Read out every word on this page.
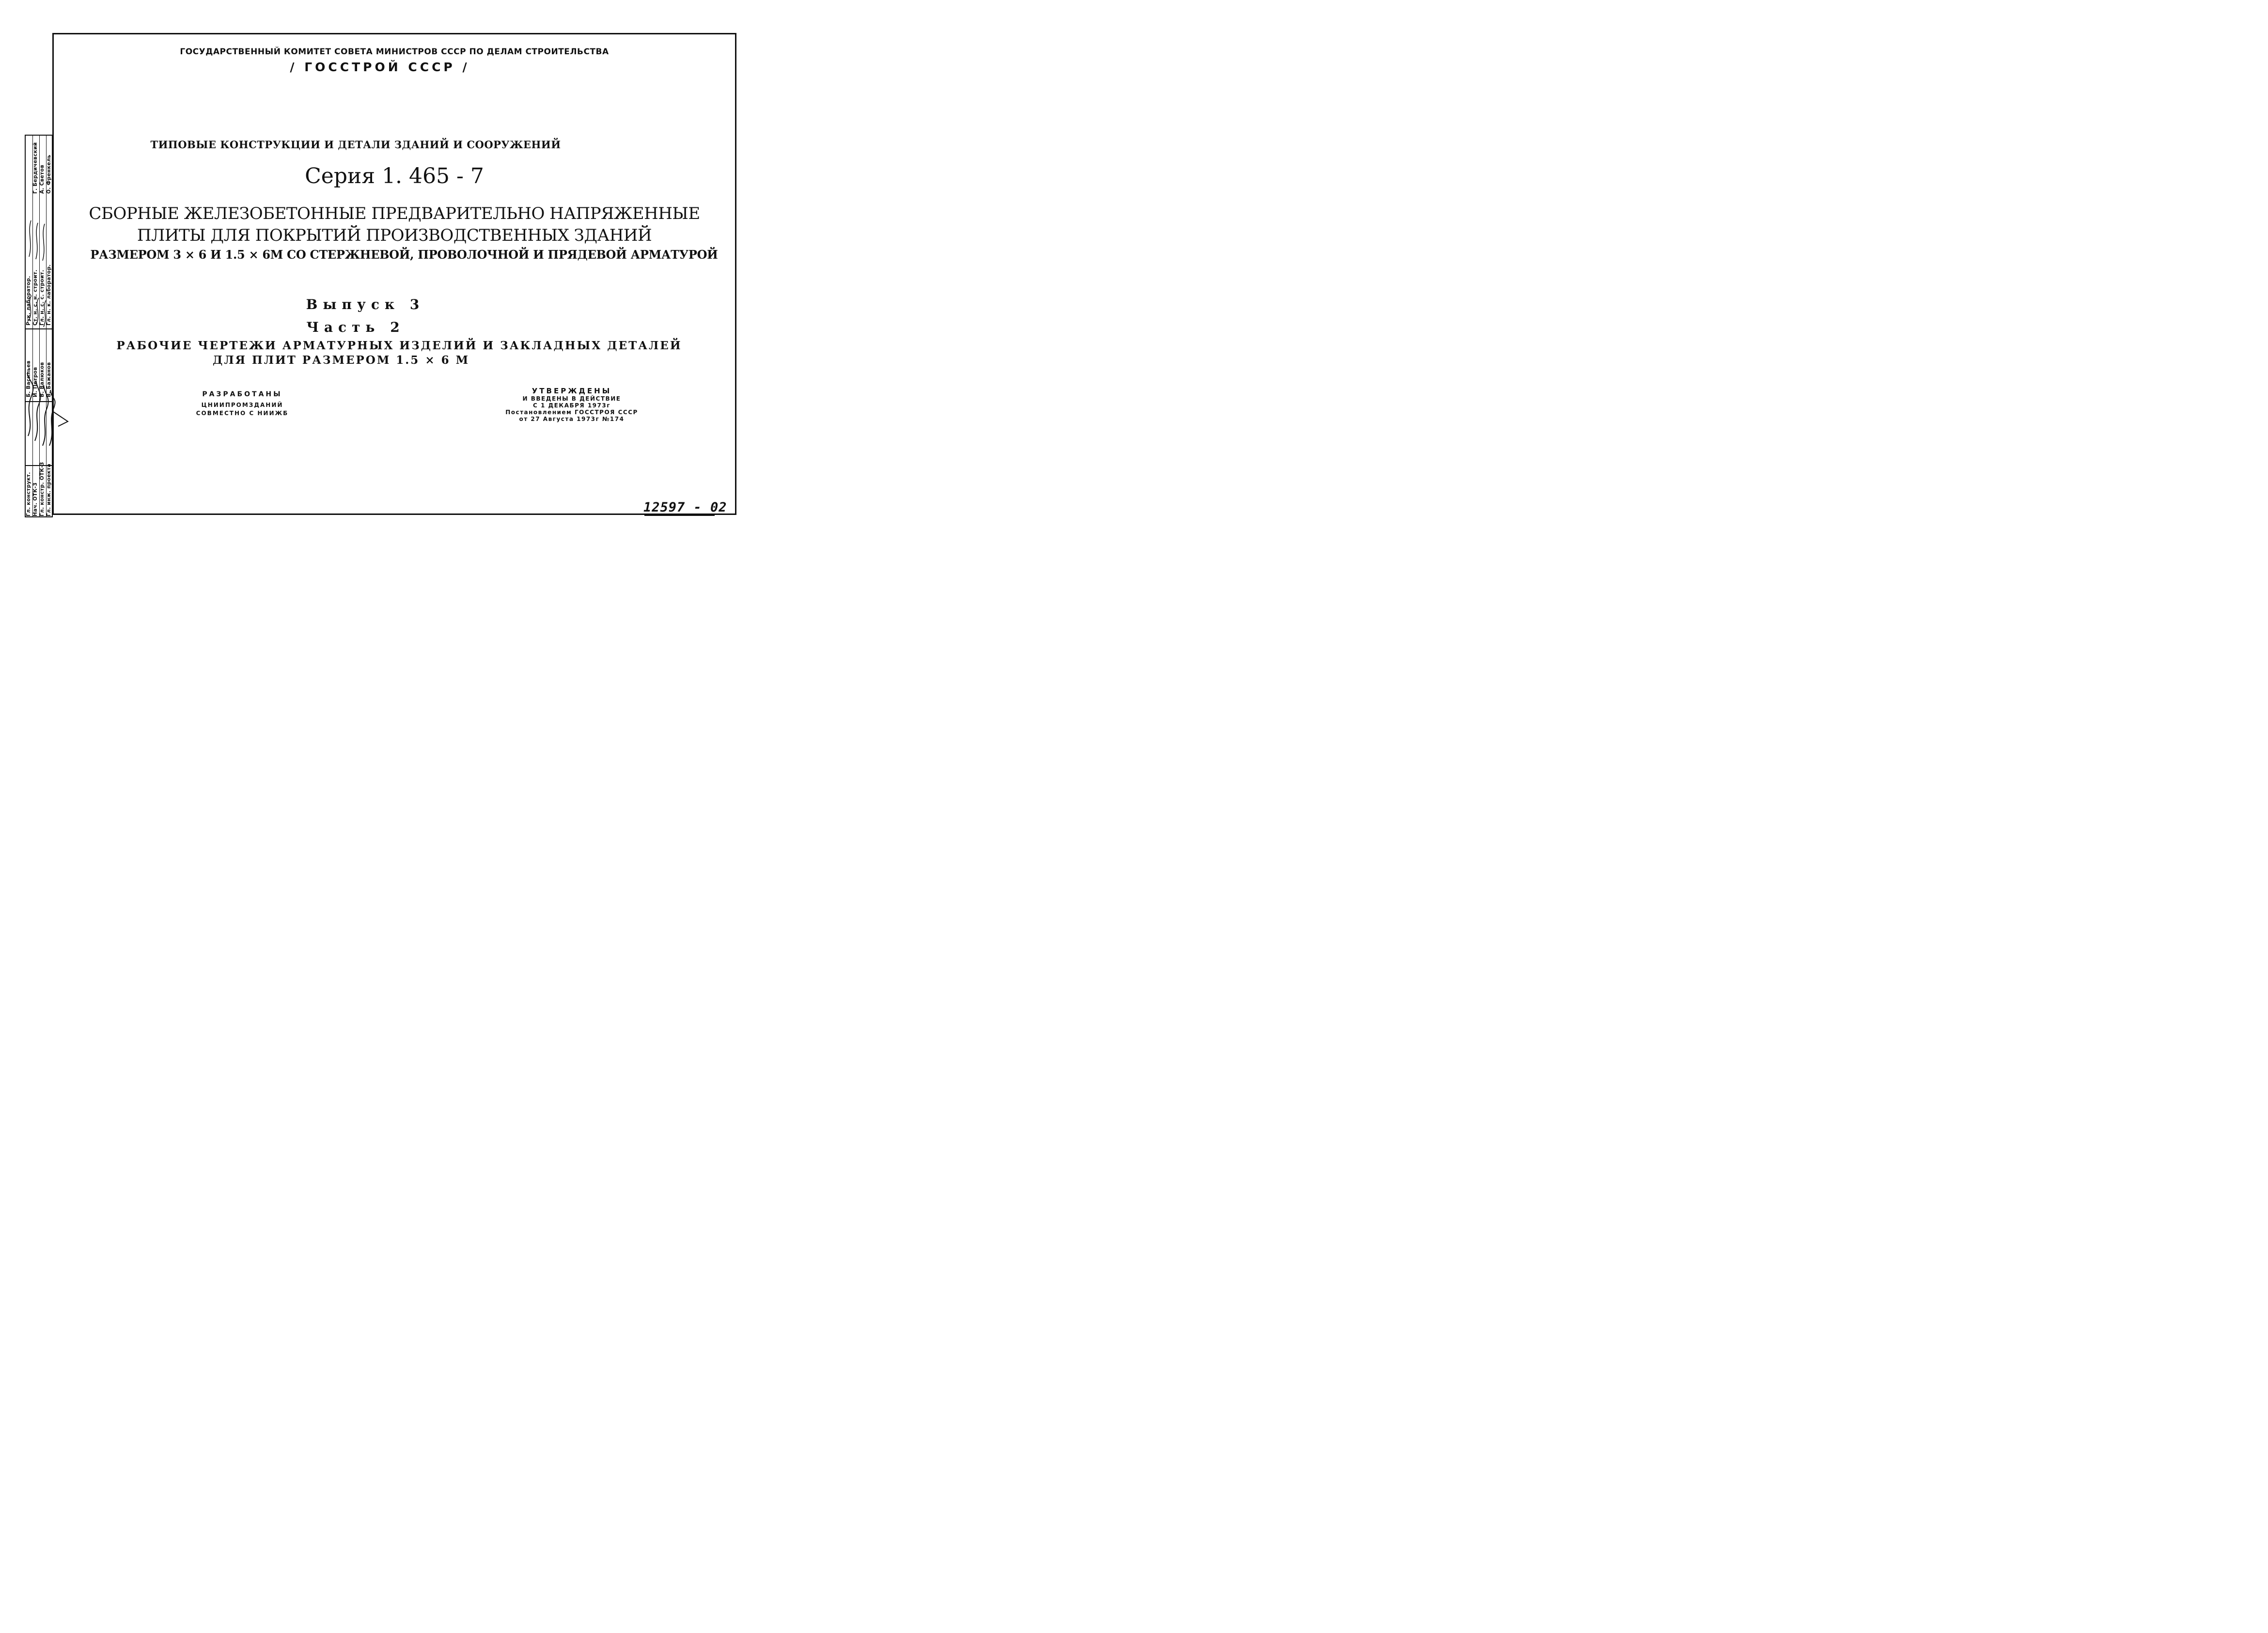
ГОСУДАРСТВЕННЫЙ КОМИТЕТ СОВЕТА МИНИСТРОВ СССР ПО ДЕЛАМ СТРОИТЕЛЬСТВА
/ ГОССТРОЙ СССР /
ТИПОВЫЕ КОНСТРУКЦИИ И ДЕТАЛИ ЗДАНИЙ И СООРУЖЕНИЙ
Серия 1. 465 - 7
СБОРНЫЕ ЖЕЛЕЗОБЕТОННЫЕ ПРЕДВАРИТЕЛЬНО НАПРЯЖЕННЫЕ
ПЛИТЫ ДЛЯ ПОКРЫТИЙ ПРОИЗВОДСТВЕННЫХ ЗДАНИЙ
РАЗМЕРОМ 3 × 6 И 1.5 × 6М СО СТЕРЖНЕВОЙ, ПРОВОЛОЧНОЙ И ПРЯДЕВОЙ АРМАТУРОЙ
Выпуск 3
Часть 2
РАБОЧИЕ ЧЕРТЕЖИ АРМАТУРНЫХ ИЗДЕЛИЙ И ЗАКЛАДНЫХ ДЕТАЛЕЙ
ДЛЯ ПЛИТ РАЗМЕРОМ 1.5 × 6 М
РАЗРАБОТАНЫ
ЦНИИПРОМЗДАНИЙ
СОВМЕСТНО С НИИЖБ
УТВЕРЖДЕНЫ
И ВВЕДЕНЫ В ДЕЙСТВИЕ
С 1 ДЕКАБРЯ 1973г
Постановлением ГОССТРОЯ СССР
от 27 Августа 1973г №174
12597 - 02
Гл. конструкт. Нач. ОТК-3 Гл. констр. ОТК-3 Гл. инж. проекта
Б. Васильев И. Петров В. Валюков В. Бажанов
Рук. лаборатор. Ст. н. с. н. строит. Гл. н. с. с. строит. Гл. н. к. лаборатор.
Г. Бердичевский А. Светов О. Френкель
